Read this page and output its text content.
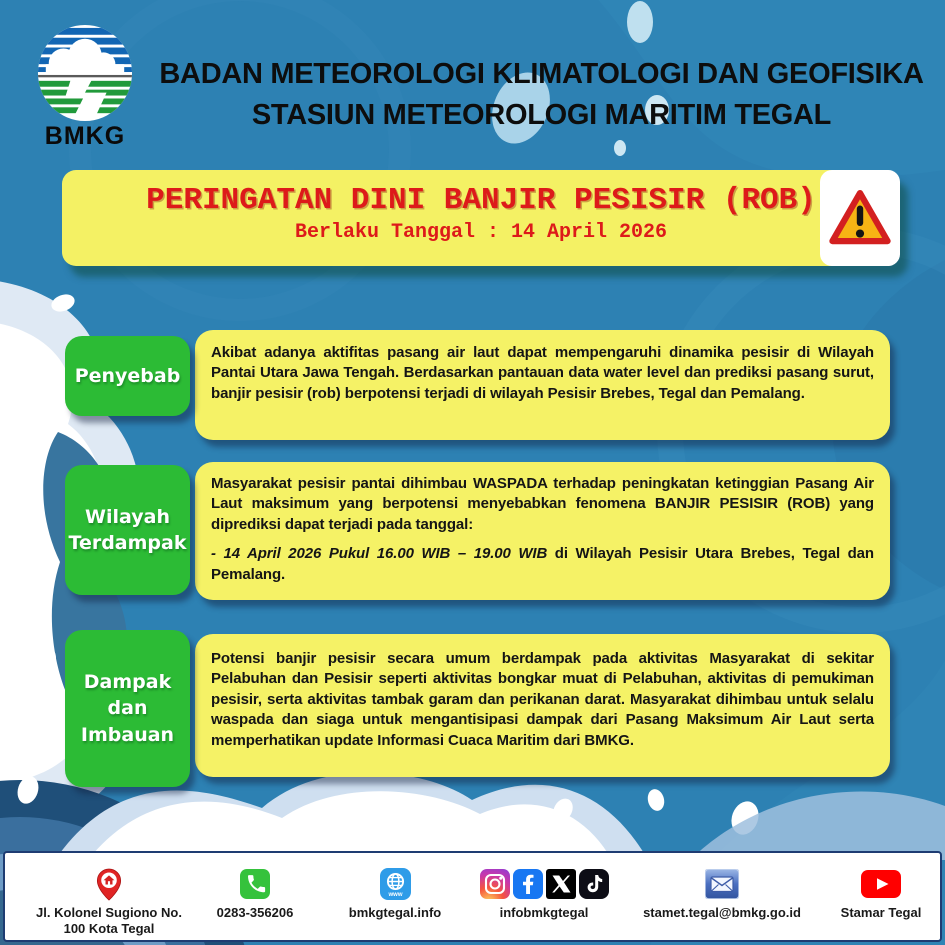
BMKG
BADAN METEOROLOGI KLIMATOLOGI DAN GEOFISIKA
STASIUN METEOROLOGI MARITIM TEGAL
PERINGATAN DINI BANJIR PESISIR (ROB)
Berlaku Tanggal : 14 April 2026
Penyebab

Akibat adanya aktifitas pasang air laut dapat mempengaruhi dinamika pesisir di Wilayah Pantai Utara Jawa Tengah. Berdasarkan pantauan data water level dan prediksi pasang surut, banjir pesisir (rob) berpotensi terjadi di wilayah Pesisir Brebes, Tegal dan Pemalang.

Wilayah Terdampak

Masyarakat pesisir pantai dihimbau WASPADA terhadap peningkatan ketinggian Pasang Air Laut maksimum yang berpotensi menyebabkan fenomena BANJIR PESISIR (ROB) yang diprediksi dapat terjadi pada tanggal:

- 14 April 2026 Pukul 16.00 WIB – 19.00 WIB di Wilayah Pesisir Utara Brebes, Tegal dan Pemalang.

Dampak dan Imbauan

Potensi banjir pesisir secara umum berdampak pada aktivitas Masyarakat di sekitar Pelabuhan dan Pesisir seperti aktivitas bongkar muat di Pelabuhan, aktivitas di pemukiman pesisir, serta aktivitas tambak garam dan perikanan darat. Masyarakat dihimbau untuk selalu waspada dan siaga untuk mengantisipasi dampak dari Pasang Maksimum Air Laut serta memperhatikan update Informasi Cuaca Maritim dari BMKG.

Jl. Kolonel Sugiono No.
100 Kota Tegal
0283-356206
www
bmkgtegal.info	infobmkgtegal	stamet.tegal@bmkg.go.id	Stamar Tegal
